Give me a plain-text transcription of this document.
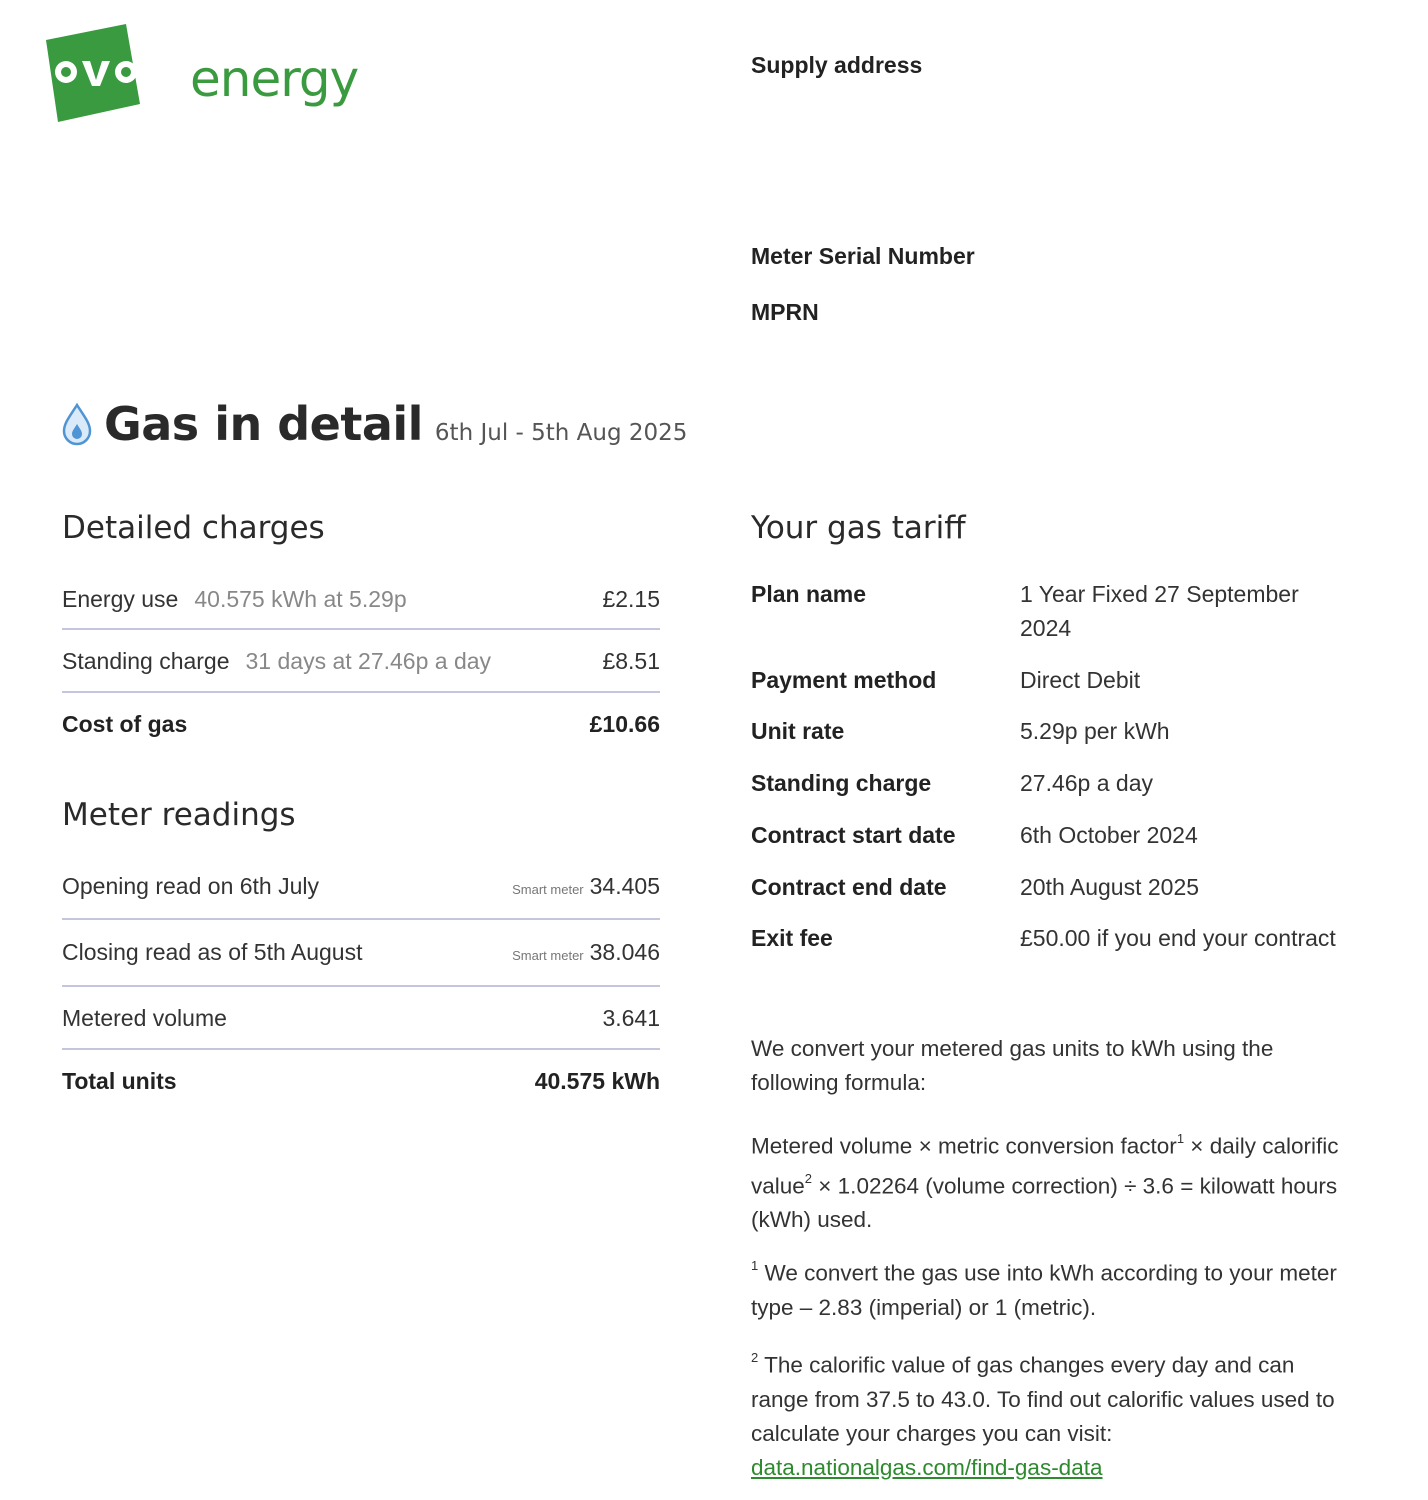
energy	Supply address
Meter Serial Number
MPRN
Gas in detail 6th Jul - 5th Aug 2025
Detailed charges
Energy use 40.575 kWh at 5.29p	£2.15
Standing charge 31 days at 27.46p a day	£8.51
Cost of gas	£10.66
Meter readings
Opening read on 6th July	Smart meter 34.405
Closing read as of 5th August	Smart meter 38.046
Metered volume	3.641
Total units	40.575 kWh
Your gas tariff
Plan name	1 Year Fixed 27 September 2024
Payment method	Direct Debit
Unit rate	5.29p per kWh
Standing charge	27.46p a day
Contract start date	6th October 2024
Contract end date	20th August 2025
Exit fee	£50.00 if you end your contract
We convert your metered gas units to kWh using the following formula:
Metered volume × metric conversion factor$^1$ × daily calorific value$^2$ × 1.02264 (volume correction) ÷ 3.6 = kilowatt hours (kWh) used.
$^1$ We convert the gas use into kWh according to your meter type – 2.83 (imperial) or 1 (metric).
$^2$ The calorific value of gas changes every day and can range from 37.5 to 43.0. To find out calorific values used to calculate your charges you can visit:
data.nationalgas.com/find-gas-data
